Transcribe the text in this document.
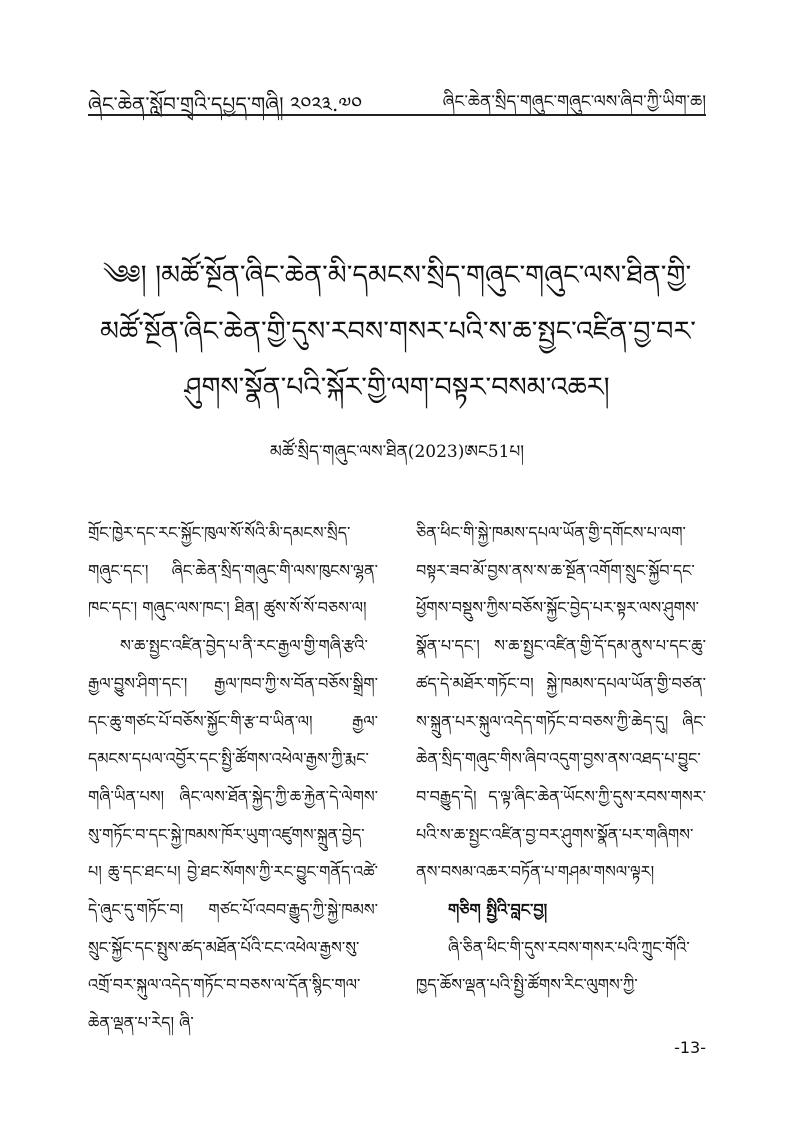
ཞེང་ཆེན་སློབ་གྲྭའི་དཔྱད་གཞི། ༢༠༢༣.༧༠	ཞིང་ཆེན་སྲིད་གཞུང་གཞུང་ལས་ཞིབ་ཀྱི་ཡིག་ཆ།
༄༅། །མཚོ་སྔོན་ཞིང་ཆེན་མི་དམངས་སྲིད་གཞུང་གཞུང་ལས་ཐིན་གྱི་
མཚོ་སྔོན་ཞིང་ཆེན་གྱི་དུས་རབས་གསར་པའི་ས་ཆ་སྤྱང་འཛིན་བྱ་བར་
ཤུགས་སྣོན་པའི་སྐོར་གྱི་ལག་བསྟར་བསམ་འཆར།
མཚོ་སྲིད་གཞུང་ལས་ཐིན(2023)ཨང51པ།

གྲོང་ཁྱེར་དང་རང་སྐྱོང་ཁུལ་སོ་སོའི་མི་དམངས་སྲིད་གཞུང་དང་། ཞིང་ཆེན་སྲིད་གཞུང་གི་ལས་ཁུངས་ལྷན་ཁང་དང་། གཞུང་ལས་ཁང་། ཐིན། ཚུས་སོ་སོ་བཅས་ལ།

ས་ཆ་སྤྱང་འཛིན་བྱེད་པ་ནི་རང་རྒྱལ་གྱི་གཞི་རྩའི་རྒྱལ་བྱུས་ཤིག་དང་། རྒྱལ་ཁབ་ཀྱི་ས་བོན་བཅོས་སྒྲིག་དང་ཆུ་གཙང་པོ་བཅོས་སྐྱོང་གི་རྩ་བ་ཡིན་ལ། རྒྱལ་དམངས་དཔལ་འབྱོར་དང་སྤྱི་ཚོགས་འཕེལ་རྒྱས་ཀྱི་རྨང་གཞི་ཡིན་པས། ཞིང་ལས་ཐོན་སྐྱེད་ཀྱི་ཆ་རྐྱེན་དེ་ལེགས་སུ་གཏོང་བ་དང་སྐྱེ་ཁམས་ཁོར་ཡུག་འཛུགས་སྐྲུན་བྱེད་པ། ཆུ་དང་ཐང་པ། བྱེ་ཐང་སོགས་ཀྱི་རང་བྱུང་གནོད་འཚེ་དེ་ཞུང་དུ་གཏོང་བ། གཙང་པོ་འབབ་རྒྱུད་ཀྱི་སྐྱེ་ཁམས་སྲུང་སྐྱོང་དང་སྤུས་ཚད་མཐོན་པོའི་ངང་འཕེལ་རྒྱས་སུ་འགྲོ་བར་སྐུལ་འདེད་གཏོང་བ་བཅས་ལ་དོན་སྙིང་གལ་ཆེན་ལྡན་པ་རེད། ཞི་

ཅིན་ཕིང་གི་སྐྱེ་ཁམས་དཔལ་ཡོན་གྱི་དགོངས་པ་ལག་བསྟར་ཟབ་མོ་བྱས་ནས་ས་ཆ་སྔོན་འགོག་སྲུང་སྐྱོབ་དང་ཕྱོགས་བསྡུས་ཀྱིས་བཅོས་སྐྱོང་བྱེད་པར་སྟར་ལས་ཤུགས་སྣོན་པ་དང་། ས་ཆ་སྤྱང་འཛིན་གྱི་དོ་དམ་ནུས་པ་དང་ཆུ་ཚད་དེ་མཐོར་གཏོང་བ། སྐྱེ་ཁམས་དཔལ་ཡོན་གྱི་བཙན་ས་སྐྲུན་པར་སྐུལ་འདེད་གཏོང་བ་བཅས་ཀྱི་ཆེད་དུ། ཞིང་ཆེན་སྲིད་གཞུང་གིས་ཞིབ་འདུག་བྱས་ནས་འཐད་པ་བྱུང་བ་བརྒྱུད་དེ། ད་ལྟ་ཞིང་ཆེན་ཡོངས་ཀྱི་དུས་རབས་གསར་པའི་ས་ཆ་སྤྱང་འཛིན་བྱ་བར་ཤུགས་སྣོན་པར་གཞིགས་ནས་བསམ་འཆར་བཏོན་པ་གཤམ་གསལ་ལྟར།

གཅིག སྤྱིའི་བླང་བྱ།

ཞི་ཅིན་ཕིང་གི་དུས་རབས་གསར་པའི་ཀྲུང་གོའི་ཁྱད་ཆོས་ལྡན་པའི་སྤྱི་ཚོགས་རིང་ལུགས་ཀྱི་

-13-
